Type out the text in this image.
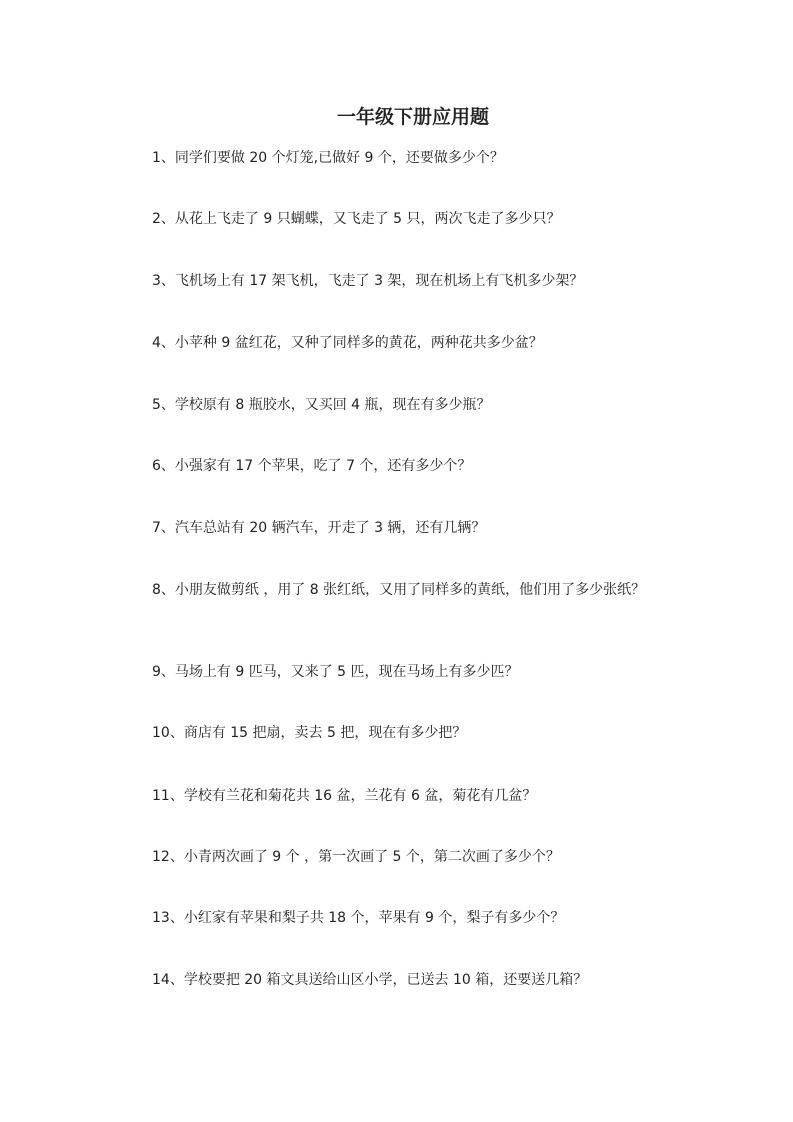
一年级下册应用题
1、同学们要做 20 个灯笼,已做好 9 个，还要做多少个？
2、从花上飞走了 9 只蝴蝶，又飞走了 5 只，两次飞走了多少只？
3、飞机场上有 17 架飞机，飞走了 3 架，现在机场上有飞机多少架？
4、小苹种 9 盆红花，又种了同样多的黄花，两种花共多少盆？
5、学校原有 8 瓶胶水，又买回 4 瓶，现在有多少瓶？
6、小强家有 17 个苹果，吃了 7 个，还有多少个？
7、汽车总站有 20 辆汽车，开走了 3 辆，还有几辆？
8、小朋友做剪纸 ，用了 8 张红纸，又用了同样多的黄纸，他们用了多少张纸？
9、马场上有 9 匹马，又来了 5 匹，现在马场上有多少匹？
10、商店有 15 把扇，卖去 5 把，现在有多少把？
11、学校有兰花和菊花共 16 盆，兰花有 6 盆，菊花有几盆？
12、小青两次画了 9 个 ，第一次画了 5 个，第二次画了多少个？
13、小红家有苹果和梨子共 18 个，苹果有 9 个，梨子有多少个？
14、学校要把 20 箱文具送给山区小学，已送去 10 箱，还要送几箱？
